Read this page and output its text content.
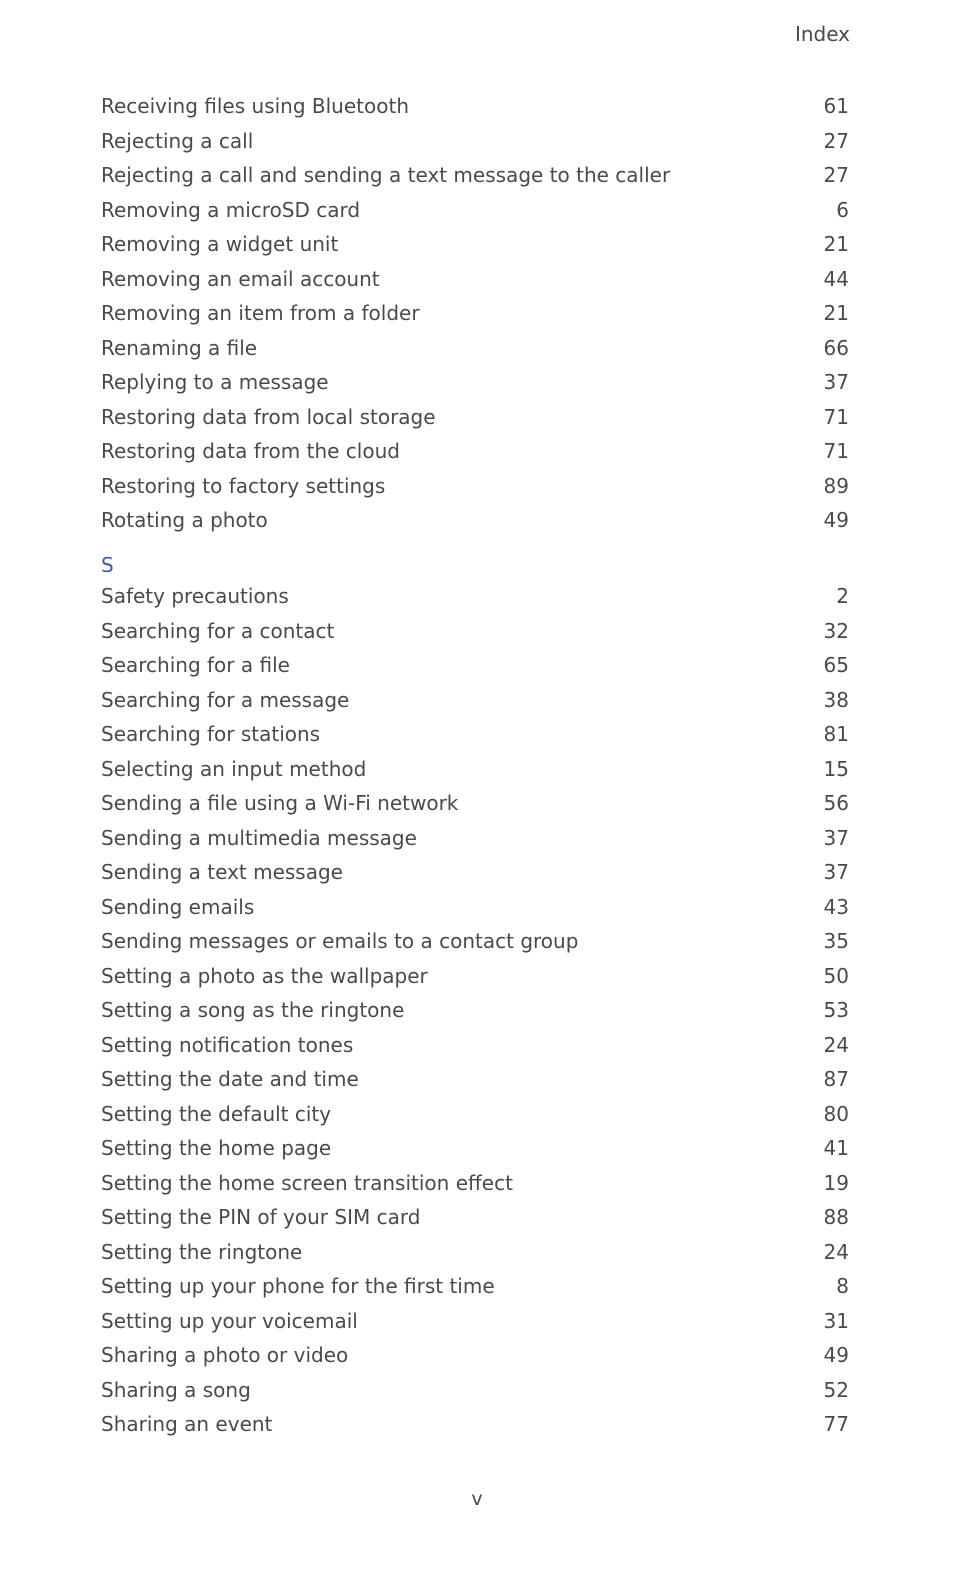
Index
Receiving files using Bluetooth	61
Rejecting a call	27
Rejecting a call and sending a text message to the caller	27
Removing a microSD card	6
Removing a widget unit	21
Removing an email account	44
Removing an item from a folder	21
Renaming a file	66
Replying to a message	37
Restoring data from local storage	71
Restoring data from the cloud	71
Restoring to factory settings	89
Rotating a photo	49
S
Safety precautions	2
Searching for a contact	32
Searching for a file	65
Searching for a message	38
Searching for stations	81
Selecting an input method	15
Sending a file using a Wi-Fi network	56
Sending a multimedia message	37
Sending a text message	37
Sending emails	43
Sending messages or emails to a contact group	35
Setting a photo as the wallpaper	50
Setting a song as the ringtone	53
Setting notification tones	24
Setting the date and time	87
Setting the default city	80
Setting the home page	41
Setting the home screen transition effect	19
Setting the PIN of your SIM card	88
Setting the ringtone	24
Setting up your phone for the first time	8
Setting up your voicemail	31
Sharing a photo or video	49
Sharing a song	52
Sharing an event	77
v
